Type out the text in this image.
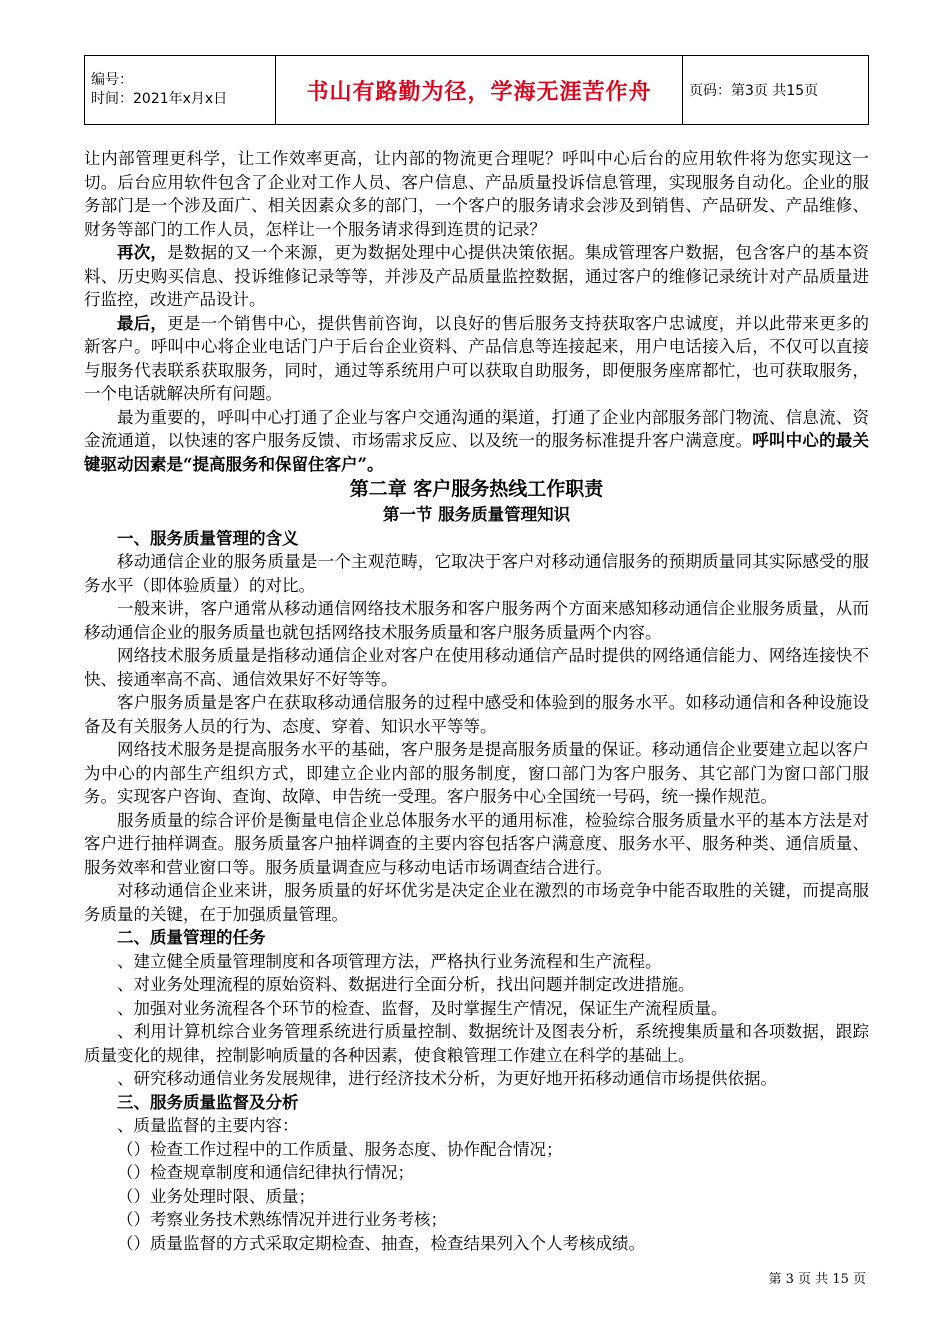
编号：
时间：2021年x月x日	书山有路勤为径，学海无涯苦作舟	页码：第3页 共15页

让内部管理更科学，让工作效率更高，让内部的物流更合理呢？呼叫中心后台的应用软件将为您实现这一切。后台应用软件包含了企业对工作人员、客户信息、产品质量投诉信息管理，实现服务自动化。企业的服务部门是一个涉及面广、相关因素众多的部门，一个客户的服务请求会涉及到销售、产品研发、产品维修、财务等部门的工作人员，怎样让一个服务请求得到连贯的记录？

再次，是数据的又一个来源，更为数据处理中心提供决策依据。集成管理客户数据，包含客户的基本资料、历史购买信息、投诉维修记录等等，并涉及产品质量监控数据，通过客户的维修记录统计对产品质量进行监控，改进产品设计。

最后，更是一个销售中心，提供售前咨询，以良好的售后服务支持获取客户忠诚度，并以此带来更多的新客户。呼叫中心将企业电话门户于后台企业资料、产品信息等连接起来，用户电话接入后，不仅可以直接与服务代表联系获取服务，同时，通过等系统用户可以获取自助服务，即便服务座席都忙，也可获取服务，一个电话就解决所有问题。

最为重要的，呼叫中心打通了企业与客户交通沟通的渠道，打通了企业内部服务部门物流、信息流、资金流通道，以快速的客户服务反馈、市场需求反应、以及统一的服务标准提升客户满意度。呼叫中心的最关键驱动因素是“提高服务和保留住客户”。

第二章 客户服务热线工作职责

第一节 服务质量管理知识

一、服务质量管理的含义

移动通信企业的服务质量是一个主观范畴，它取决于客户对移动通信服务的预期质量同其实际感受的服务水平（即体验质量）的对比。

一般来讲，客户通常从移动通信网络技术服务和客户服务两个方面来感知移动通信企业服务质量，从而移动通信企业的服务质量也就包括网络技术服务质量和客户服务质量两个内容。

网络技术服务质量是指移动通信企业对客户在使用移动通信产品时提供的网络通信能力、网络连接快不快、接通率高不高、通信效果好不好等等。

客户服务质量是客户在获取移动通信服务的过程中感受和体验到的服务水平。如移动通信和各种设施设备及有关服务人员的行为、态度、穿着、知识水平等等。

网络技术服务是提高服务水平的基础，客户服务是提高服务质量的保证。移动通信企业要建立起以客户为中心的内部生产组织方式，即建立企业内部的服务制度，窗口部门为客户服务、其它部门为窗口部门服务。实现客户咨询、查询、故障、申告统一受理。客户服务中心全国统一号码，统一操作规范。

服务质量的综合评价是衡量电信企业总体服务水平的通用标准，检验综合服务质量水平的基本方法是对客户进行抽样调查。服务质量客户抽样调查的主要内容包括客户满意度、服务水平、服务种类、通信质量、服务效率和营业窗口等。服务质量调查应与移动电话市场调查结合进行。

对移动通信企业来讲，服务质量的好坏优劣是决定企业在激烈的市场竞争中能否取胜的关键，而提高服务质量的关键，在于加强质量管理。

二、质量管理的任务

、建立健全质量管理制度和各项管理方法，严格执行业务流程和生产流程。

、对业务处理流程的原始资料、数据进行全面分析，找出问题并制定改进措施。

、加强对业务流程各个环节的检查、监督，及时掌握生产情况，保证生产流程质量。

、利用计算机综合业务管理系统进行质量控制、数据统计及图表分析，系统搜集质量和各项数据，跟踪质量变化的规律，控制影响质量的各种因素，使食粮管理工作建立在科学的基础上。

、研究移动通信业务发展规律，进行经济技术分析，为更好地开拓移动通信市场提供依据。

三、服务质量监督及分析

、质量监督的主要内容：

（）检查工作过程中的工作质量、服务态度、协作配合情况；

（）检查规章制度和通信纪律执行情况；

（）业务处理时限、质量；

（）考察业务技术熟练情况并进行业务考核；

（）质量监督的方式采取定期检查、抽查，检查结果列入个人考核成绩。

第 3 页 共 15 页
